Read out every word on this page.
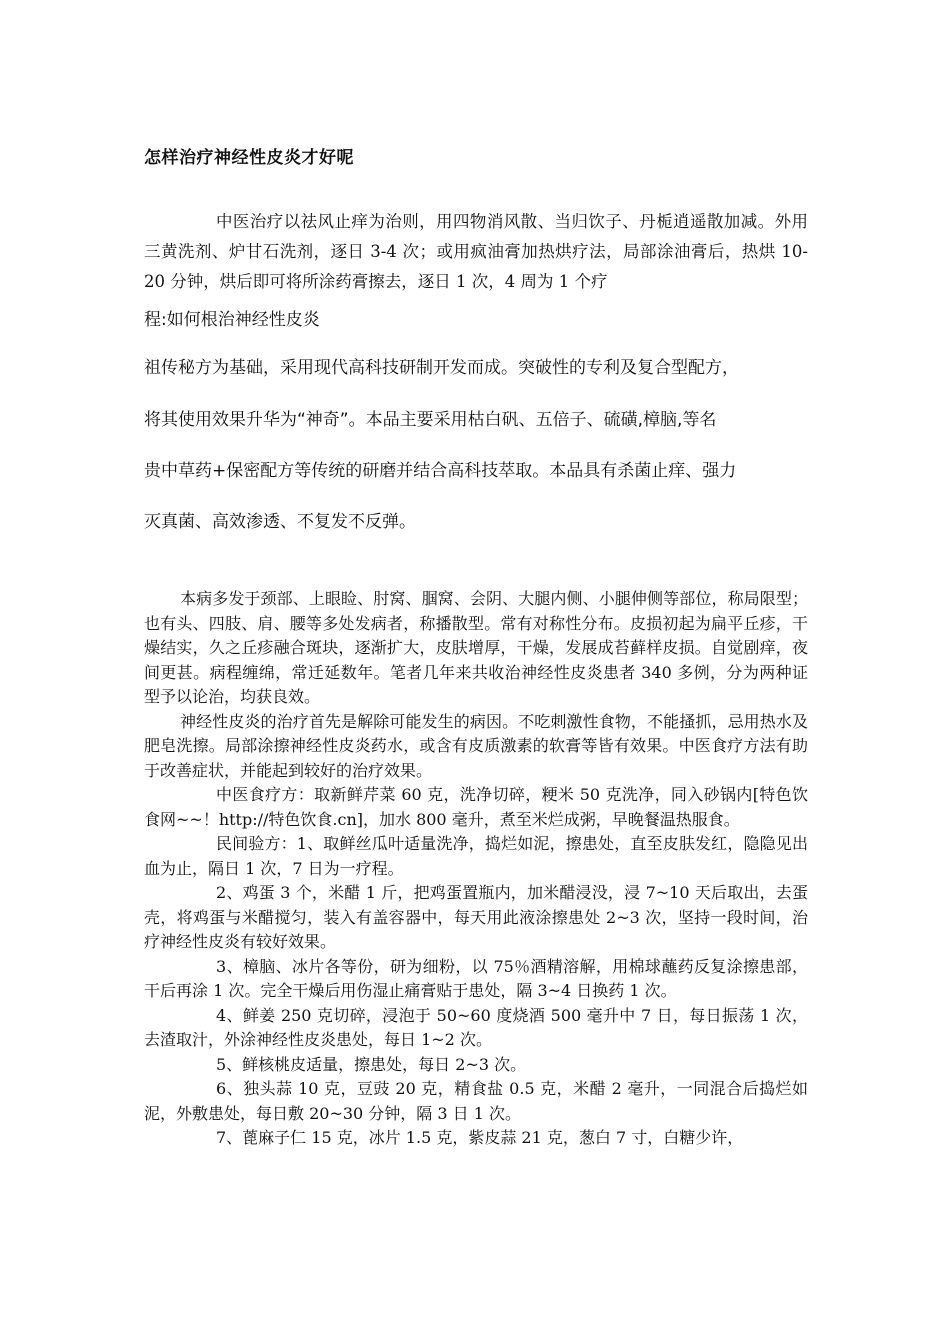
怎样治疗神经性皮炎才好呢

中医治疗以祛风止痒为治则，用四物消风散、当归饮子、丹栀逍遥散加减。外用三黄洗剂、炉甘石洗剂，逐日 3-4 次；或用疯油膏加热烘疗法，局部涂油膏后，热烘 10-20 分钟，烘后即可将所涂药膏擦去，逐日 1 次，4 周为 1 个疗

程:如何根治神经性皮炎

祖传秘方为基础，采用现代高科技研制开发而成。突破性的专利及复合型配方，

将其使用效果升华为“神奇”。本品主要采用枯白矾、五倍子、硫磺,樟脑,等名

贵中草药+保密配方等传统的研磨并结合高科技萃取。本品具有杀菌止痒、强力

灭真菌、高效渗透、不复发不反弹。

本病多发于颈部、上眼睑、肘窝、腘窝、会阴、大腿内侧、小腿伸侧等部位，称局限型；也有头、四肢、肩、腰等多处发病者，称播散型。常有对称性分布。皮损初起为扁平丘疹，干燥结实，久之丘疹融合斑块，逐渐扩大，皮肤增厚，干燥，发展成苔藓样皮损。自觉剧痒，夜间更甚。病程缠绵，常迁延数年。笔者几年来共收治神经性皮炎患者 340 多例，分为两种证型予以论治，均获良效。

神经性皮炎的治疗首先是解除可能发生的病因。不吃刺激性食物，不能搔抓，忌用热水及肥皂洗擦。局部涂擦神经性皮炎药水，或含有皮质激素的软膏等皆有效果。中医食疗方法有助于改善症状，并能起到较好的治疗效果。

中医食疗方：取新鲜芹菜 60 克，洗净切碎，粳米 50 克洗净，同入砂锅内[特色饮食网~~！http://特色饮食.cn]，加水 800 毫升，煮至米烂成粥，早晚餐温热服食。

民间验方：1、取鲜丝瓜叶适量洗净，捣烂如泥，擦患处，直至皮肤发红，隐隐见出血为止，隔日 1 次，7 日为一疗程。

2、鸡蛋 3 个，米醋 1 斤，把鸡蛋置瓶内，加米醋浸没，浸 7~10 天后取出，去蛋壳，将鸡蛋与米醋搅匀，装入有盖容器中，每天用此液涂擦患处 2~3 次，坚持一段时间，治疗神经性皮炎有较好效果。

3、樟脑、冰片各等份，研为细粉，以 75％酒精溶解，用棉球蘸药反复涂擦患部，干后再涂 1 次。完全干燥后用伤湿止痛膏贴于患处，隔 3~4 日换药 1 次。

4、鲜姜 250 克切碎，浸泡于 50~60 度烧酒 500 毫升中 7 日，每日振荡 1 次，去渣取汁，外涂神经性皮炎患处，每日 1~2 次。

5、鲜核桃皮适量，擦患处，每日 2~3 次。

6、独头蒜 10 克，豆豉 20 克，精食盐 0.5 克，米醋 2 毫升，一同混合后捣烂如泥，外敷患处，每日敷 20~30 分钟，隔 3 日 1 次。

7、蓖麻子仁 15 克，冰片 1.5 克，紫皮蒜 21 克，葱白 7 寸，白糖少许，
